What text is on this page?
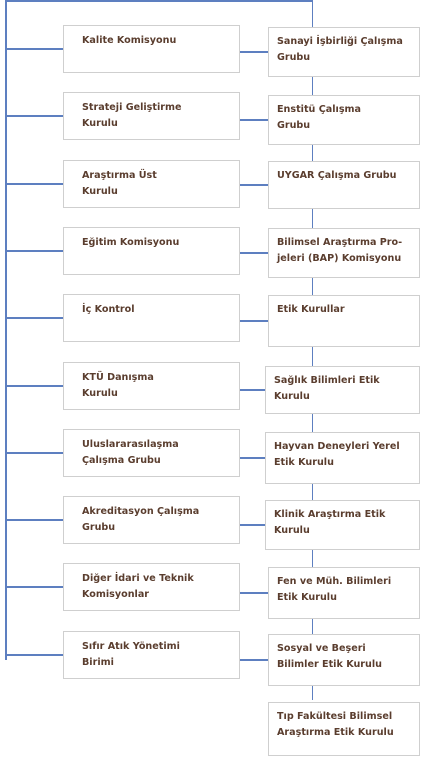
Kalite Komisyonu
Strateji Geliştirme
Kurulu
Araştırma Üst
Kurulu
Eğitim Komisyonu
İç Kontrol
KTÜ Danışma
Kurulu
Uluslararasılaşma
Çalışma Grubu
Akreditasyon Çalışma
Grubu
Diğer İdari ve Teknik
Komisyonlar
Sıfır Atık Yönetimi
Birimi
Sanayi İşbirliği Çalışma
Grubu
Enstitü Çalışma
Grubu
UYGAR Çalışma Grubu
Bilimsel Araştırma Pro-
jeleri (BAP) Komisyonu
Etik Kurullar
Sağlık Bilimleri Etik
Kurulu
Hayvan Deneyleri Yerel
Etik Kurulu
Klinik Araştırma Etik
Kurulu
Fen ve Müh. Bilimleri
Etik Kurulu
Sosyal ve Beşeri
Bilimler Etik Kurulu
Tıp Fakültesi Bilimsel
Araştırma Etik Kurulu
